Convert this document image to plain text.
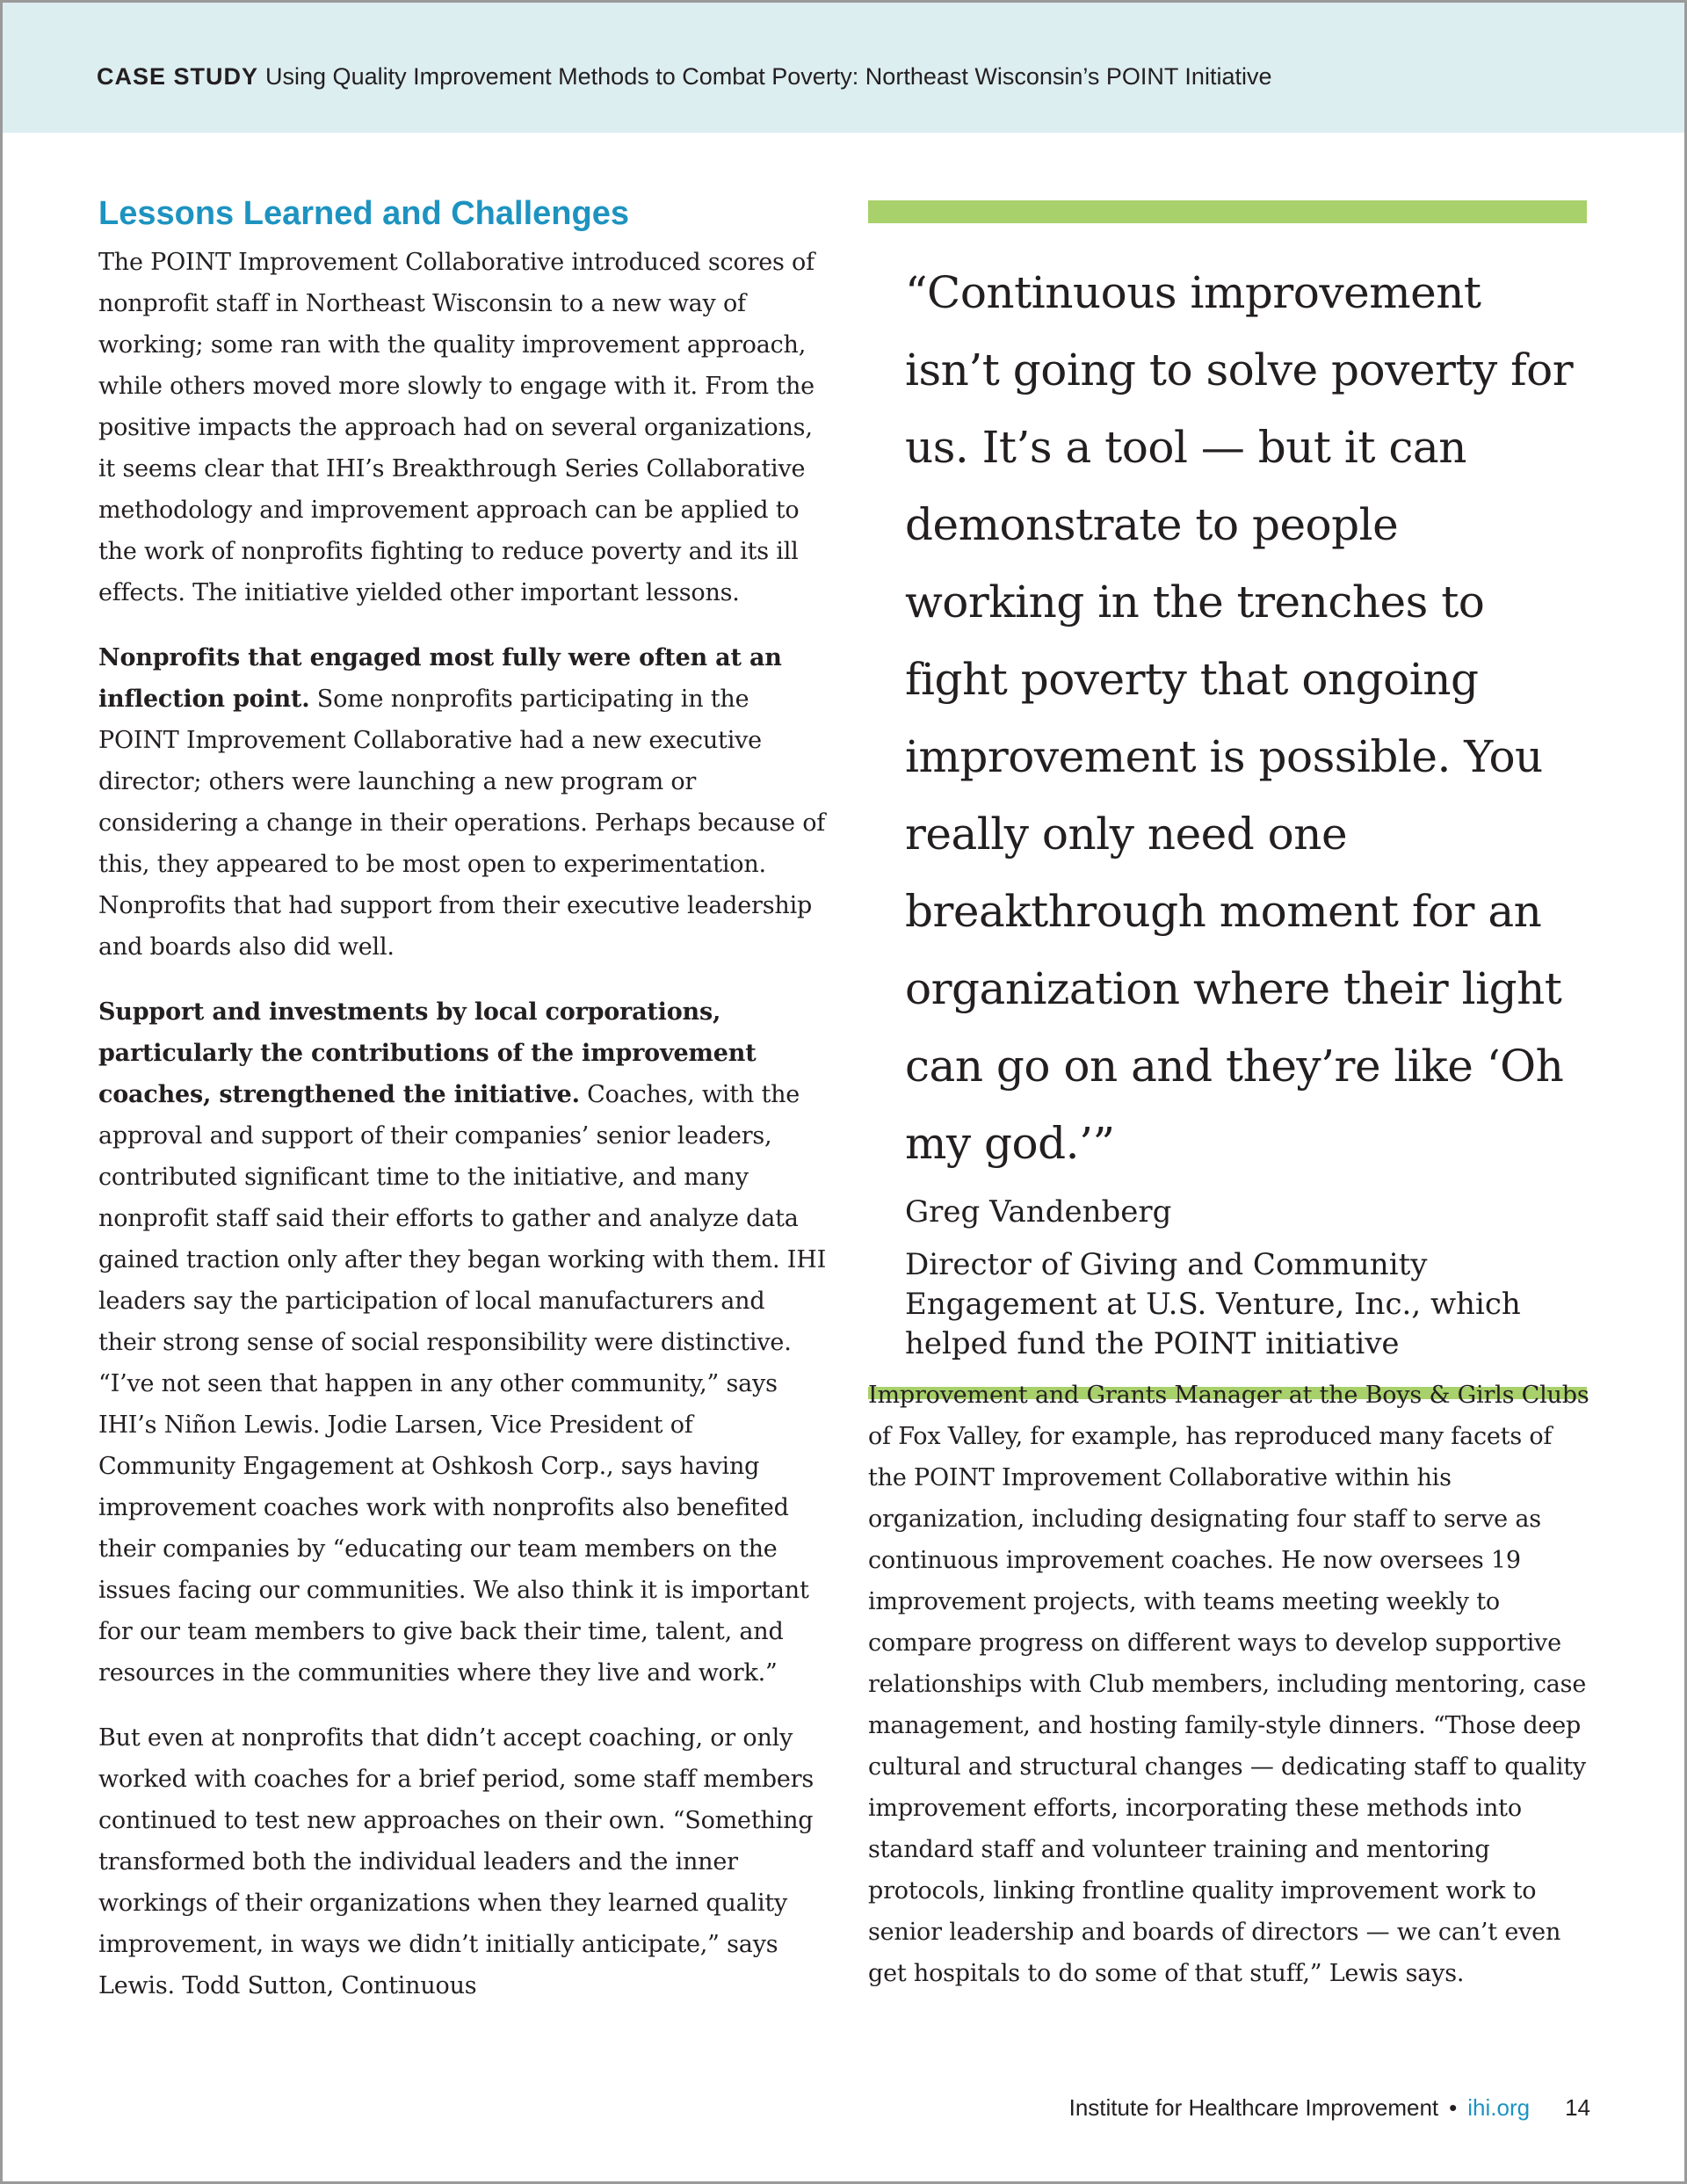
CASE STUDY Using Quality Improvement Methods to Combat Poverty: Northeast Wisconsin’s POINT Initiative
Lessons Learned and Challenges

The POINT Improvement Collaborative introduced scores of nonprofit staff in Northeast Wisconsin to a new way of working; some ran with the quality improvement approach, while others moved more slowly to engage with it. From the positive impacts the approach had on several organizations, it seems clear that IHI’s Breakthrough Series Collaborative methodology and improvement approach can be applied to the work of nonprofits fighting to reduce poverty and its ill effects. The initiative yielded other important lessons.

Nonprofits that engaged most fully were often at an inflection point. Some nonprofits participating in the POINT Improvement Collaborative had a new executive director; others were launching a new program or considering a change in their operations. Perhaps because of this, they appeared to be most open to experimentation. Nonprofits that had support from their executive leadership and boards also did well.

Support and investments by local corporations, particularly the contributions of the improvement coaches, strengthened the initiative. Coaches, with the approval and support of their companies’ senior leaders, contributed significant time to the initiative, and many nonprofit staff said their efforts to gather and analyze data gained traction only after they began working with them. IHI leaders say the participation of local manufacturers and their strong sense of social responsibility were distinctive. “I’ve not seen that happen in any other community,” says IHI’s Niñon Lewis. Jodie Larsen, Vice President of Community Engagement at Oshkosh Corp., says having improvement coaches work with nonprofits also benefited their companies by “educating our team members on the issues facing our communities. We also think it is important for our team members to give back their time, talent, and resources in the communities where they live and work.”

But even at nonprofits that didn’t accept coaching, or only worked with coaches for a brief period, some staff members continued to test new approaches on their own. “Something transformed both the individual leaders and the inner workings of their organizations when they learned quality improvement, in ways we didn’t initially anticipate,” says Lewis. Todd Sutton, Continuous

“Continuous improvement isn’t going to solve poverty for us. It’s a tool — but it can demonstrate to people working in the trenches to fight poverty that ongoing improvement is possible. You really only need one breakthrough moment for an organization where their light can go on and they’re like ‘Oh my god.’”
Greg Vandenberg
Director of Giving and Community Engagement at U.S. Venture, Inc., which helped fund the POINT initiative

Improvement and Grants Manager at the Boys & Girls Clubs of Fox Valley, for example, has reproduced many facets of the POINT Improvement Collaborative within his organization, including designating four staff to serve as continuous improvement coaches. He now oversees 19 improvement projects, with teams meeting weekly to compare progress on different ways to develop supportive relationships with Club members, including mentoring, case management, and hosting family-style dinners. “Those deep cultural and structural changes — dedicating staff to quality improvement efforts, incorporating these methods into standard staff and volunteer training and mentoring protocols, linking frontline quality improvement work to senior leadership and boards of directors — we can’t even get hospitals to do some of that stuff,” Lewis says.

Institute for Healthcare Improvement • ihi.org 14
